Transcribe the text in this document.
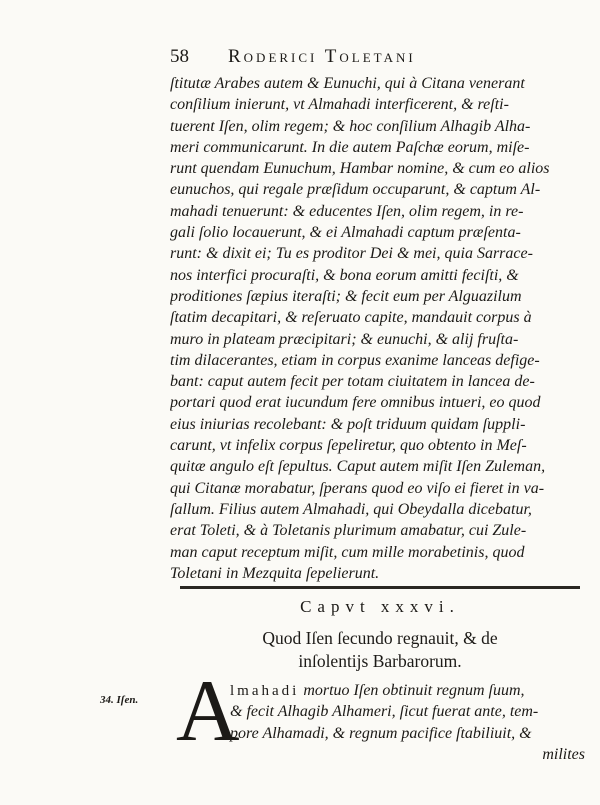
58 Roderici Toletani
ſtitutæ Arabes autem & Eunuchi, qui à Citana venerant
conſilium inierunt, vt Almahadi interficerent, & reſti-
tuerent Iſen, olim regem; & hoc conſilium Alhagib Alha-
meri communicarunt. In die autem Paſchæ eorum, miſe-
runt quendam Eunuchum, Hambar nomine, & cum eo alios
eunuchos, qui regale præſidum occuparunt, & captum Al-
mahadi tenuerunt: & educentes Iſen, olim regem, in re-
gali ſolio locauerunt, & ei Almahadi captum præſenta-
runt: & dixit ei; Tu es proditor Dei & mei, quia Sarrace-
nos interfici procuraſti, & bona eorum amitti feciſti, &
proditiones ſæpius iteraſti; & fecit eum per Alguazilum
ſtatim decapitari, & reſeruato capite, mandauit corpus à
muro in plateam præcipitari; & eunuchi, & alij fruſta-
tim dilacerantes, etiam in corpus exanime lanceas defige-
bant: caput autem fecit per totam ciuitatem in lancea de-
portari quod erat iucundum fere omnibus intueri, eo quod
eius iniurias recolebant: & poſt triduum quidam ſuppli-
carunt, vt infelix corpus ſepeliretur, quo obtento in Meſ-
quitæ angulo eſt ſepultus. Caput autem miſit Iſen Zuleman,
qui Citanæ morabatur, ſperans quod eo viſo ei fieret in va-
ſallum. Filius autem Almahadi, qui Obeydalla dicebatur,
erat Toleti, & à Toletanis plurimum amabatur, cui Zule-
man caput receptum miſit, cum mille morabetinis, quod
Toletani in Mezquita ſepelierunt.
Capvt xxxvi.
Quod Iſen ſecundo regnauit, & de
inſolentijs Barbarorum.
34. Iſen. A
lmahadi mortuo Iſen obtinuit regnum ſuum,
& fecit Alhagib Alhameri, ſicut fuerat ante, tem-
pore Alhamadi, & regnum pacifice ſtabiliuit, &
milites
